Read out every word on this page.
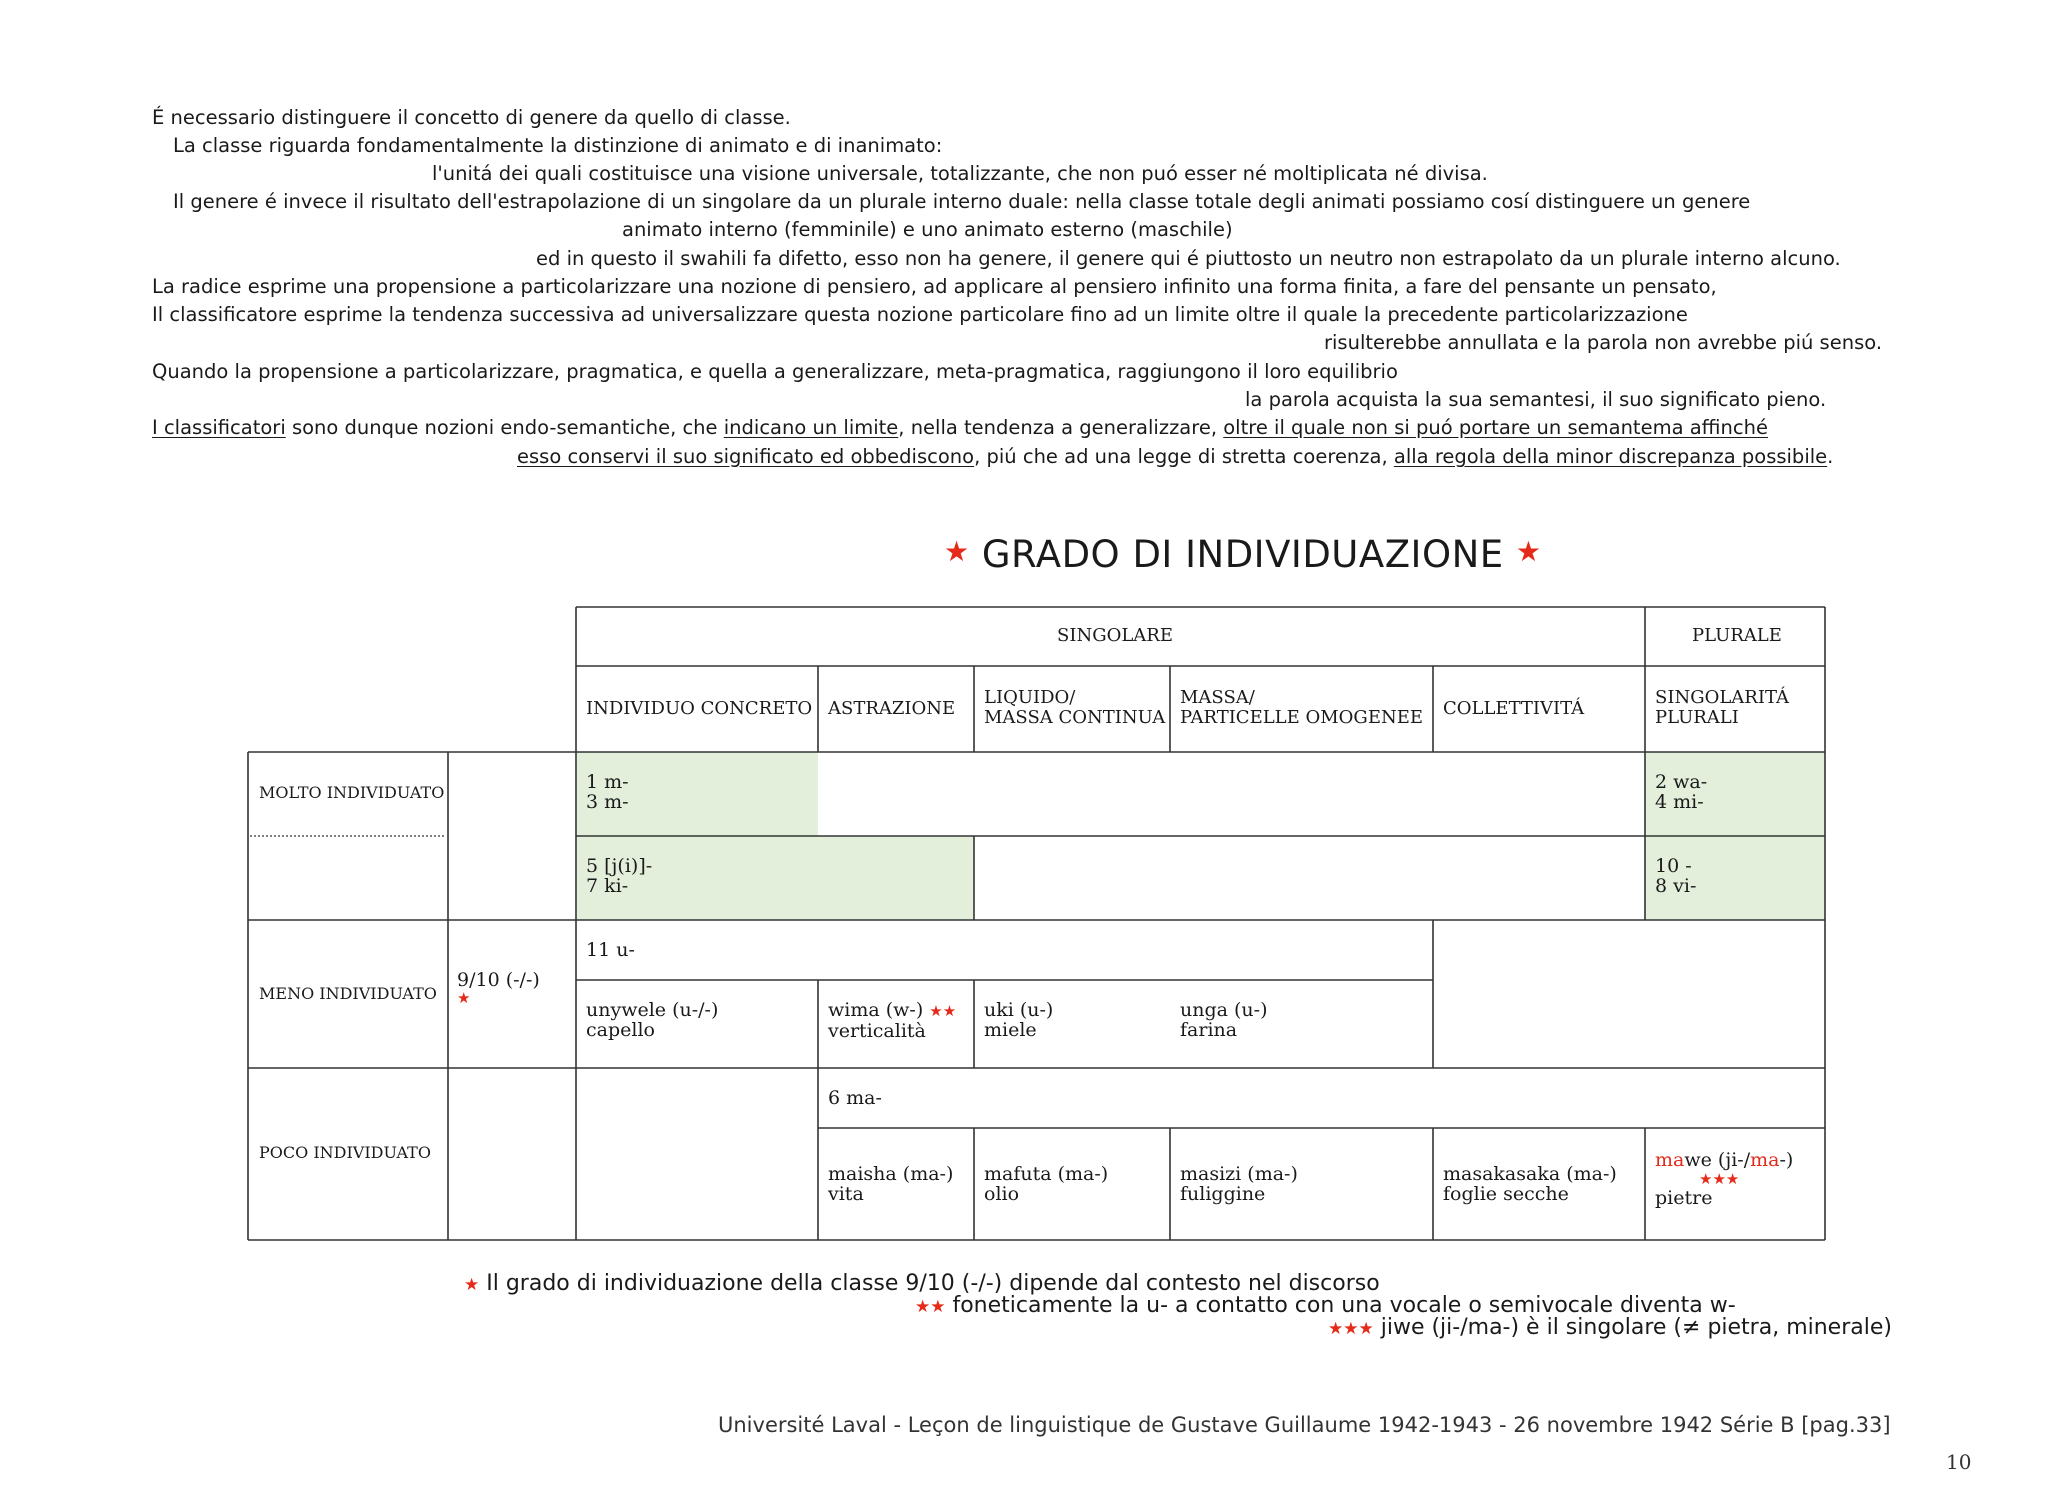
É necessario distinguere il concetto di genere da quello di classe.
La classe riguarda fondamentalmente la distinzione di animato e di inanimato:
l'unitá dei quali costituisce una visione universale, totalizzante, che non puó esser né moltiplicata né divisa.
Il genere é invece il risultato dell'estrapolazione di un singolare da un plurale interno duale: nella classe totale degli animati possiamo cosí distinguere un genere
animato interno (femminile) e uno animato esterno (maschile)
ed in questo il swahili fa difetto, esso non ha genere, il genere qui é piuttosto un neutro non estrapolato da un plurale interno alcuno.
La radice esprime una propensione a particolarizzare una nozione di pensiero, ad applicare al pensiero infinito una forma finita, a fare del pensante un pensato,
Il classificatore esprime la tendenza successiva ad universalizzare questa nozione particolare fino ad un limite oltre il quale la precedente particolarizzazione
risulterebbe annullata e la parola non avrebbe piú senso.
Quando la propensione a particolarizzare, pragmatica, e quella a generalizzare, meta-pragmatica, raggiungono il loro equilibrio
la parola acquista la sua semantesi, il suo significato pieno.
I classificatori sono dunque nozioni endo-semantiche, che indicano un limite, nella tendenza a generalizzare, oltre il quale non si puó portare un semantema affinché
esso conservi il suo significato ed obbediscono, piú che ad una legge di stretta coerenza, alla regola della minor discrepanza possibile.
★ GRADO DI INDIVIDUAZIONE ★
SINGOLARE	PLURALE
INDIVIDUO CONCRETO ASTRAZIONE
LIQUIDO/
MASSA CONTINUA
MASSA/
PARTICELLE OMOGENEE COLLETTIVITÁ
SINGOLARITÁ
PLURALI
MOLTO INDIVIDUATO
MENO INDIVIDUATO
POCO INDIVIDUATO
9/10 (-/-)
★
1 m-
3 m-
2 wa-
4 mi-
5 [j(i)]-
7 ki-
10 -
8 vi-
11 u-
unywele (u-/-)
capello
wima (w-) ★★
verticalità
uki (u-)
miele
unga (u-)
farina
6 ma-
maisha (ma-)
vita
mafuta (ma-)
olio
masizi (ma-)
fuliggine
masakasaka (ma-)
foglie secche
mawe (ji-/ma-)
★★★
pietre
★ Il grado di individuazione della classe 9/10 (-/-) dipende dal contesto nel discorso
★★ foneticamente la u- a contatto con una vocale o semivocale diventa w-
★★★ jiwe (ji-/ma-) è il singolare (≠ pietra, minerale)
Université Laval - Leçon de linguistique de Gustave Guillaume 1942-1943 - 26 novembre 1942 Série B [pag.33]
10
